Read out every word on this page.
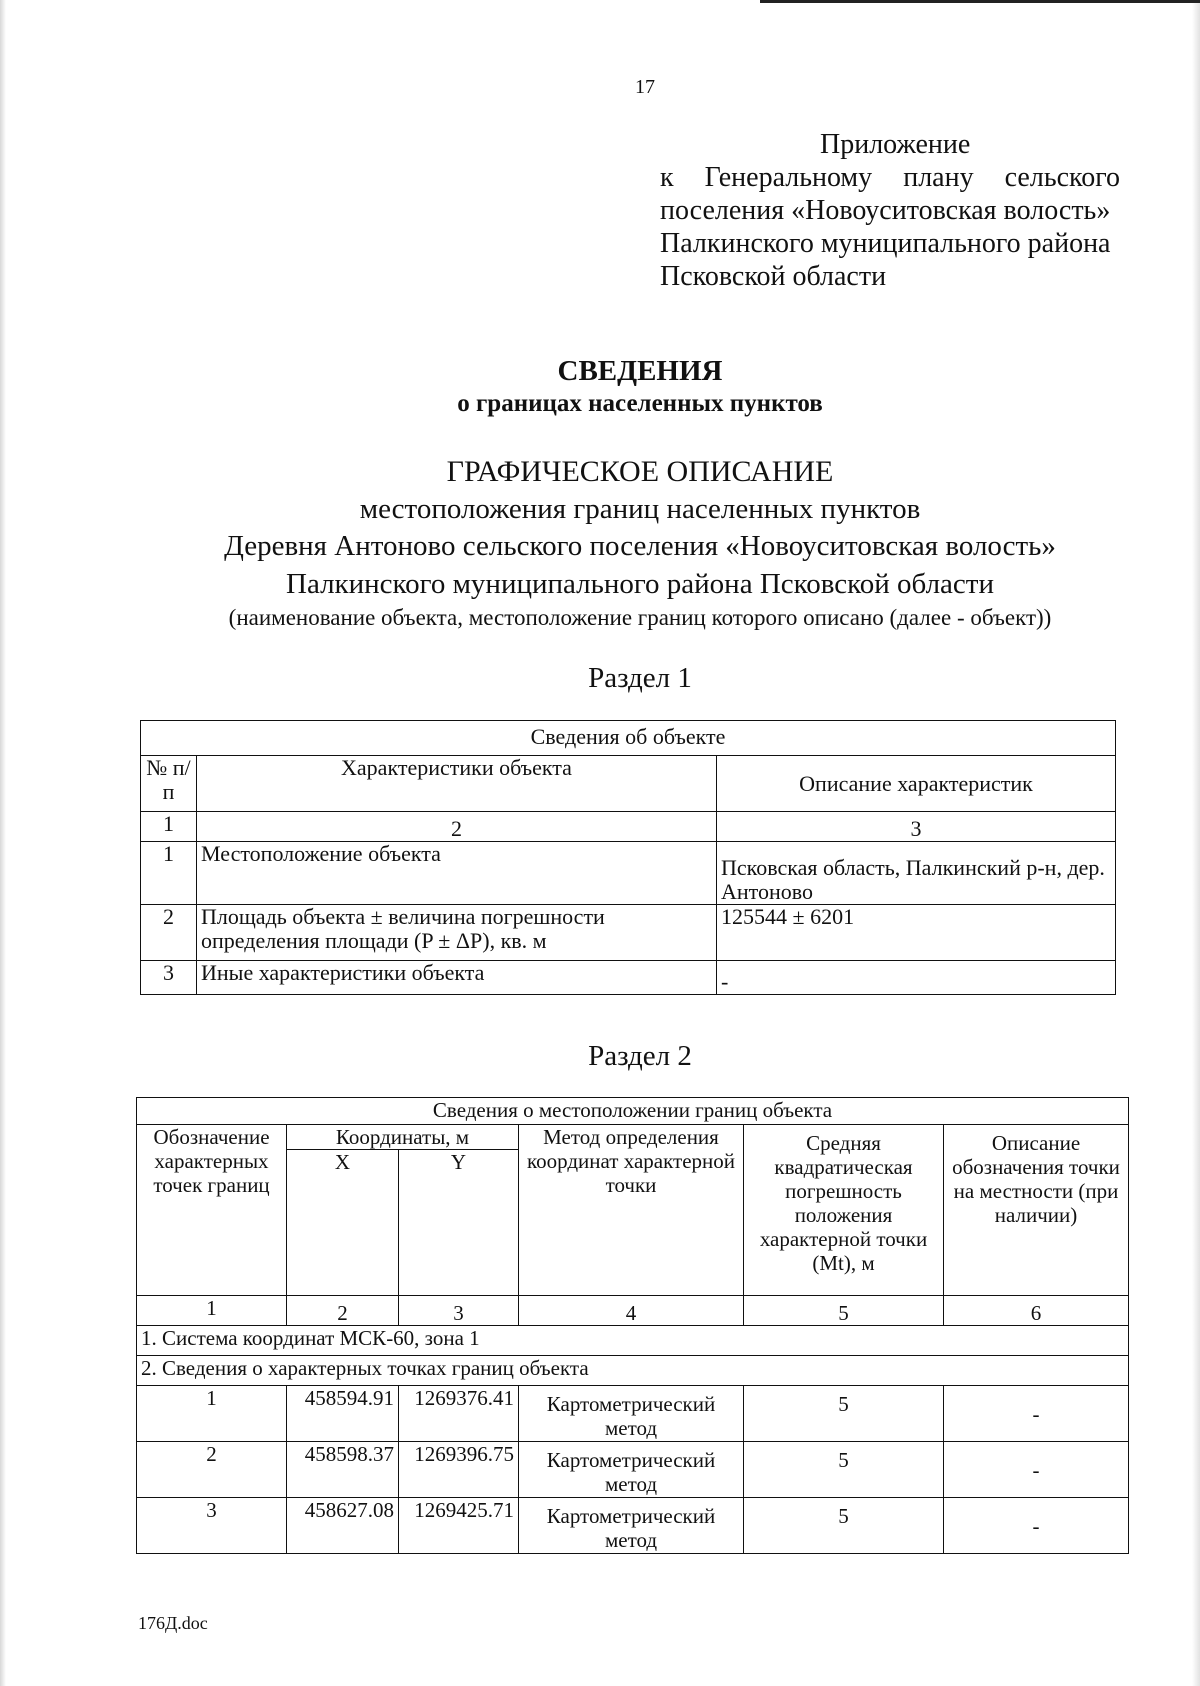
17
Приложение
к Генеральному плану сельского
поселения «Новоуситовская волость»
Палкинского муниципального района
Псковской области
СВЕДЕНИЯ
о границах населенных пунктов
ГРАФИЧЕСКОЕ ОПИСАНИЕ
местоположения границ населенных пунктов
Деревня Антоново сельского поселения «Новоуситовская волость»
Палкинского муниципального района Псковской области
(наименование объекта, местоположение границ которого описано (далее - объект))
Раздел 1
Сведения об объекте		
№ п/п	Характеристики объекта	Описание характеристик
1	2	3
1	Местоположение объекта	Псковская область, Палкинский р-н, дер. Антоново
2	Площадь объекта ± величина погрешности определения площади (P ± ΔP), кв. м	125544 ± 6201
3	Иные характеристики объекта	-
Раздел 2
Сведения о местоположении границ объекта					
Обозначение характерных точек границ	Координаты, м		Метод определения координат характерной точки	Средняя квадратическая погрешность положения характерной точки (Mt), м	Описание обозначения точки на местности (при наличии)
	X	Y			
1	2	3	4	5	6
1. Система координат МСК-60, зона 1					
2. Сведения о характерных точках границ объекта					
1	458594.91	1269376.41	Картометрический метод	5	-
2	458598.37	1269396.75	Картометрический метод	5	-
3	458627.08	1269425.71	Картометрический метод	5	-
176Д.doc
